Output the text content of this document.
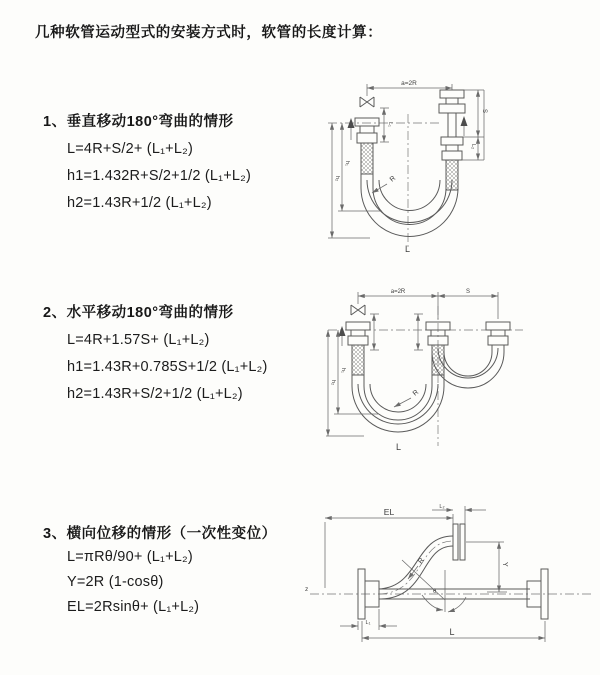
几种软管运动型式的安装方式时，软管的长度计算：
1、垂直移动180°弯曲的情形
L=4R+S/2+ (L₁+L₂)
h1=1.432R+S/2+1/2 (L₁+L₂)
h2=1.43R+1/2 (L₁+L₂)
a=2R
L₁
S
L₂
R
h₁
h₂
L
2、水平移动180°弯曲的情形
L=4R+1.57S+ (L₁+L₂)
h1=1.43R+0.785S+1/2 (L₁+L₂)
h2=1.43R+S/2+1/2 (L₁+L₂)
a=2R	S
R
h₁
h₂
L
3、横向位移的情形（一次性变位）
L=πRθ/90+ (L₁+L₂)
Y=2R (1-cosθ)
EL=2Rsinθ+ (L₁+L₂)
z
EL	L₂
Y
R
θ
L₁
L
